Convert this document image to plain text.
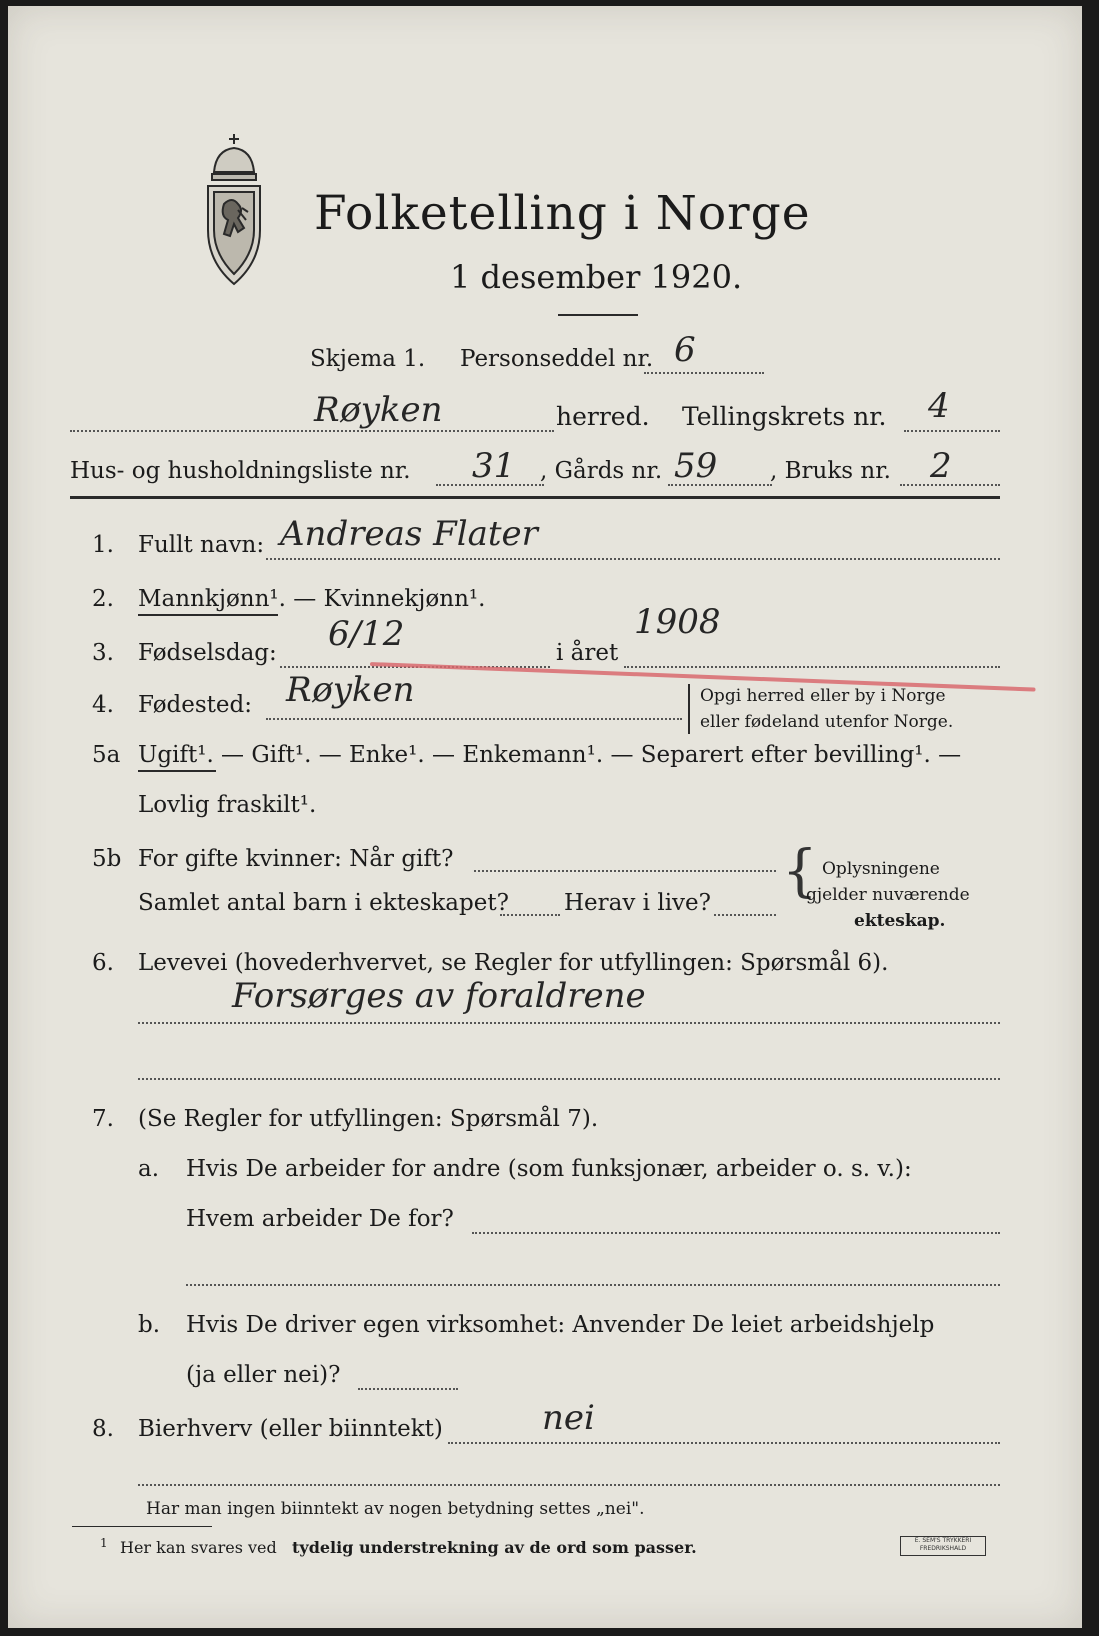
Folketelling i Norge
1 desember 1920.
Skjema 1. Personseddel nr. 6
Røyken	herred. Tellingskrets nr. 4
Hus- og husholdningsliste nr. 31 , Gårds nr. 59 , Bruks nr. 2
1. Fullt navn: Andreas Flater
2. Mannkjønn¹. — Kvinnekjønn¹.
3. Fødselsdag: 6/12	i året
1908
4. Fødested: Røyken	Opgi herred eller by i Norge
eller fødeland utenfor Norge.
5a Ugift¹. — Gift¹. — Enke¹. — Enkemann¹. — Separert efter bevilling¹. —
Lovlig fraskilt¹.
5b For gifte kvinner: Når gift?
Samlet antal barn i ekteskapet? Herav i live? { Oplysningene
gjelder nuværende
ekteskap.
6. Levevei (hovederhvervet, se Regler for utfyllingen: Spørsmål 6).
Forsørges av foraldrene
7. (Se Regler for utfyllingen: Spørsmål 7).
a. Hvis De arbeider for andre (som funksjonær, arbeider o. s. v.):
Hvem arbeider De for?
b. Hvis De driver egen virksomhet: Anvender De leiet arbeidshjelp
(ja eller nei)?
8. Bierhverv (eller biinntekt)	nei
Har man ingen biinntekt av nogen betydning settes „nei".
1 Her kan svares ved tydelig understrekning av de ord som passer.	E. SEM'S TRYKKERI
FREDRIKSHALD
